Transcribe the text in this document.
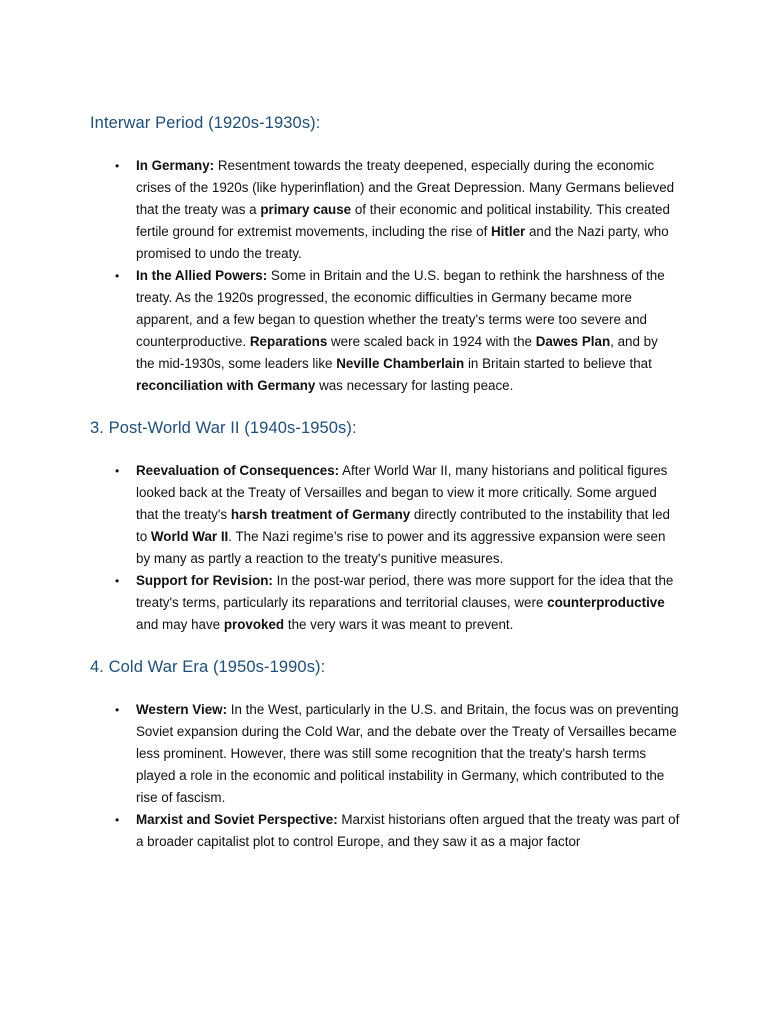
Interwar Period (1920s-1930s):
• In Germany: Resentment towards the treaty deepened, especially during the economic crises of the 1920s (like hyperinflation) and the Great Depression. Many Germans believed that the treaty was a primary cause of their economic and political instability. This created fertile ground for extremist movements, including the rise of Hitler and the Nazi party, who promised to undo the treaty.
• In the Allied Powers: Some in Britain and the U.S. began to rethink the harshness of the treaty. As the 1920s progressed, the economic difficulties in Germany became more apparent, and a few began to question whether the treaty's terms were too severe and counterproductive. Reparations were scaled back in 1924 with the Dawes Plan, and by the mid-1930s, some leaders like Neville Chamberlain in Britain started to believe that reconciliation with Germany was necessary for lasting peace.
3. Post-World War II (1940s-1950s):
• Reevaluation of Consequences: After World War II, many historians and political figures looked back at the Treaty of Versailles and began to view it more critically. Some argued that the treaty's harsh treatment of Germany directly contributed to the instability that led to World War II. The Nazi regime’s rise to power and its aggressive expansion were seen by many as partly a reaction to the treaty's punitive measures.
• Support for Revision: In the post-war period, there was more support for the idea that the treaty's terms, particularly its reparations and territorial clauses, were counterproductive and may have provoked the very wars it was meant to prevent.
4. Cold War Era (1950s-1990s):
• Western View: In the West, particularly in the U.S. and Britain, the focus was on preventing Soviet expansion during the Cold War, and the debate over the Treaty of Versailles became less prominent. However, there was still some recognition that the treaty's harsh terms played a role in the economic and political instability in Germany, which contributed to the rise of fascism.
• Marxist and Soviet Perspective: Marxist historians often argued that the treaty was part of a broader capitalist plot to control Europe, and they saw it as a major factor
